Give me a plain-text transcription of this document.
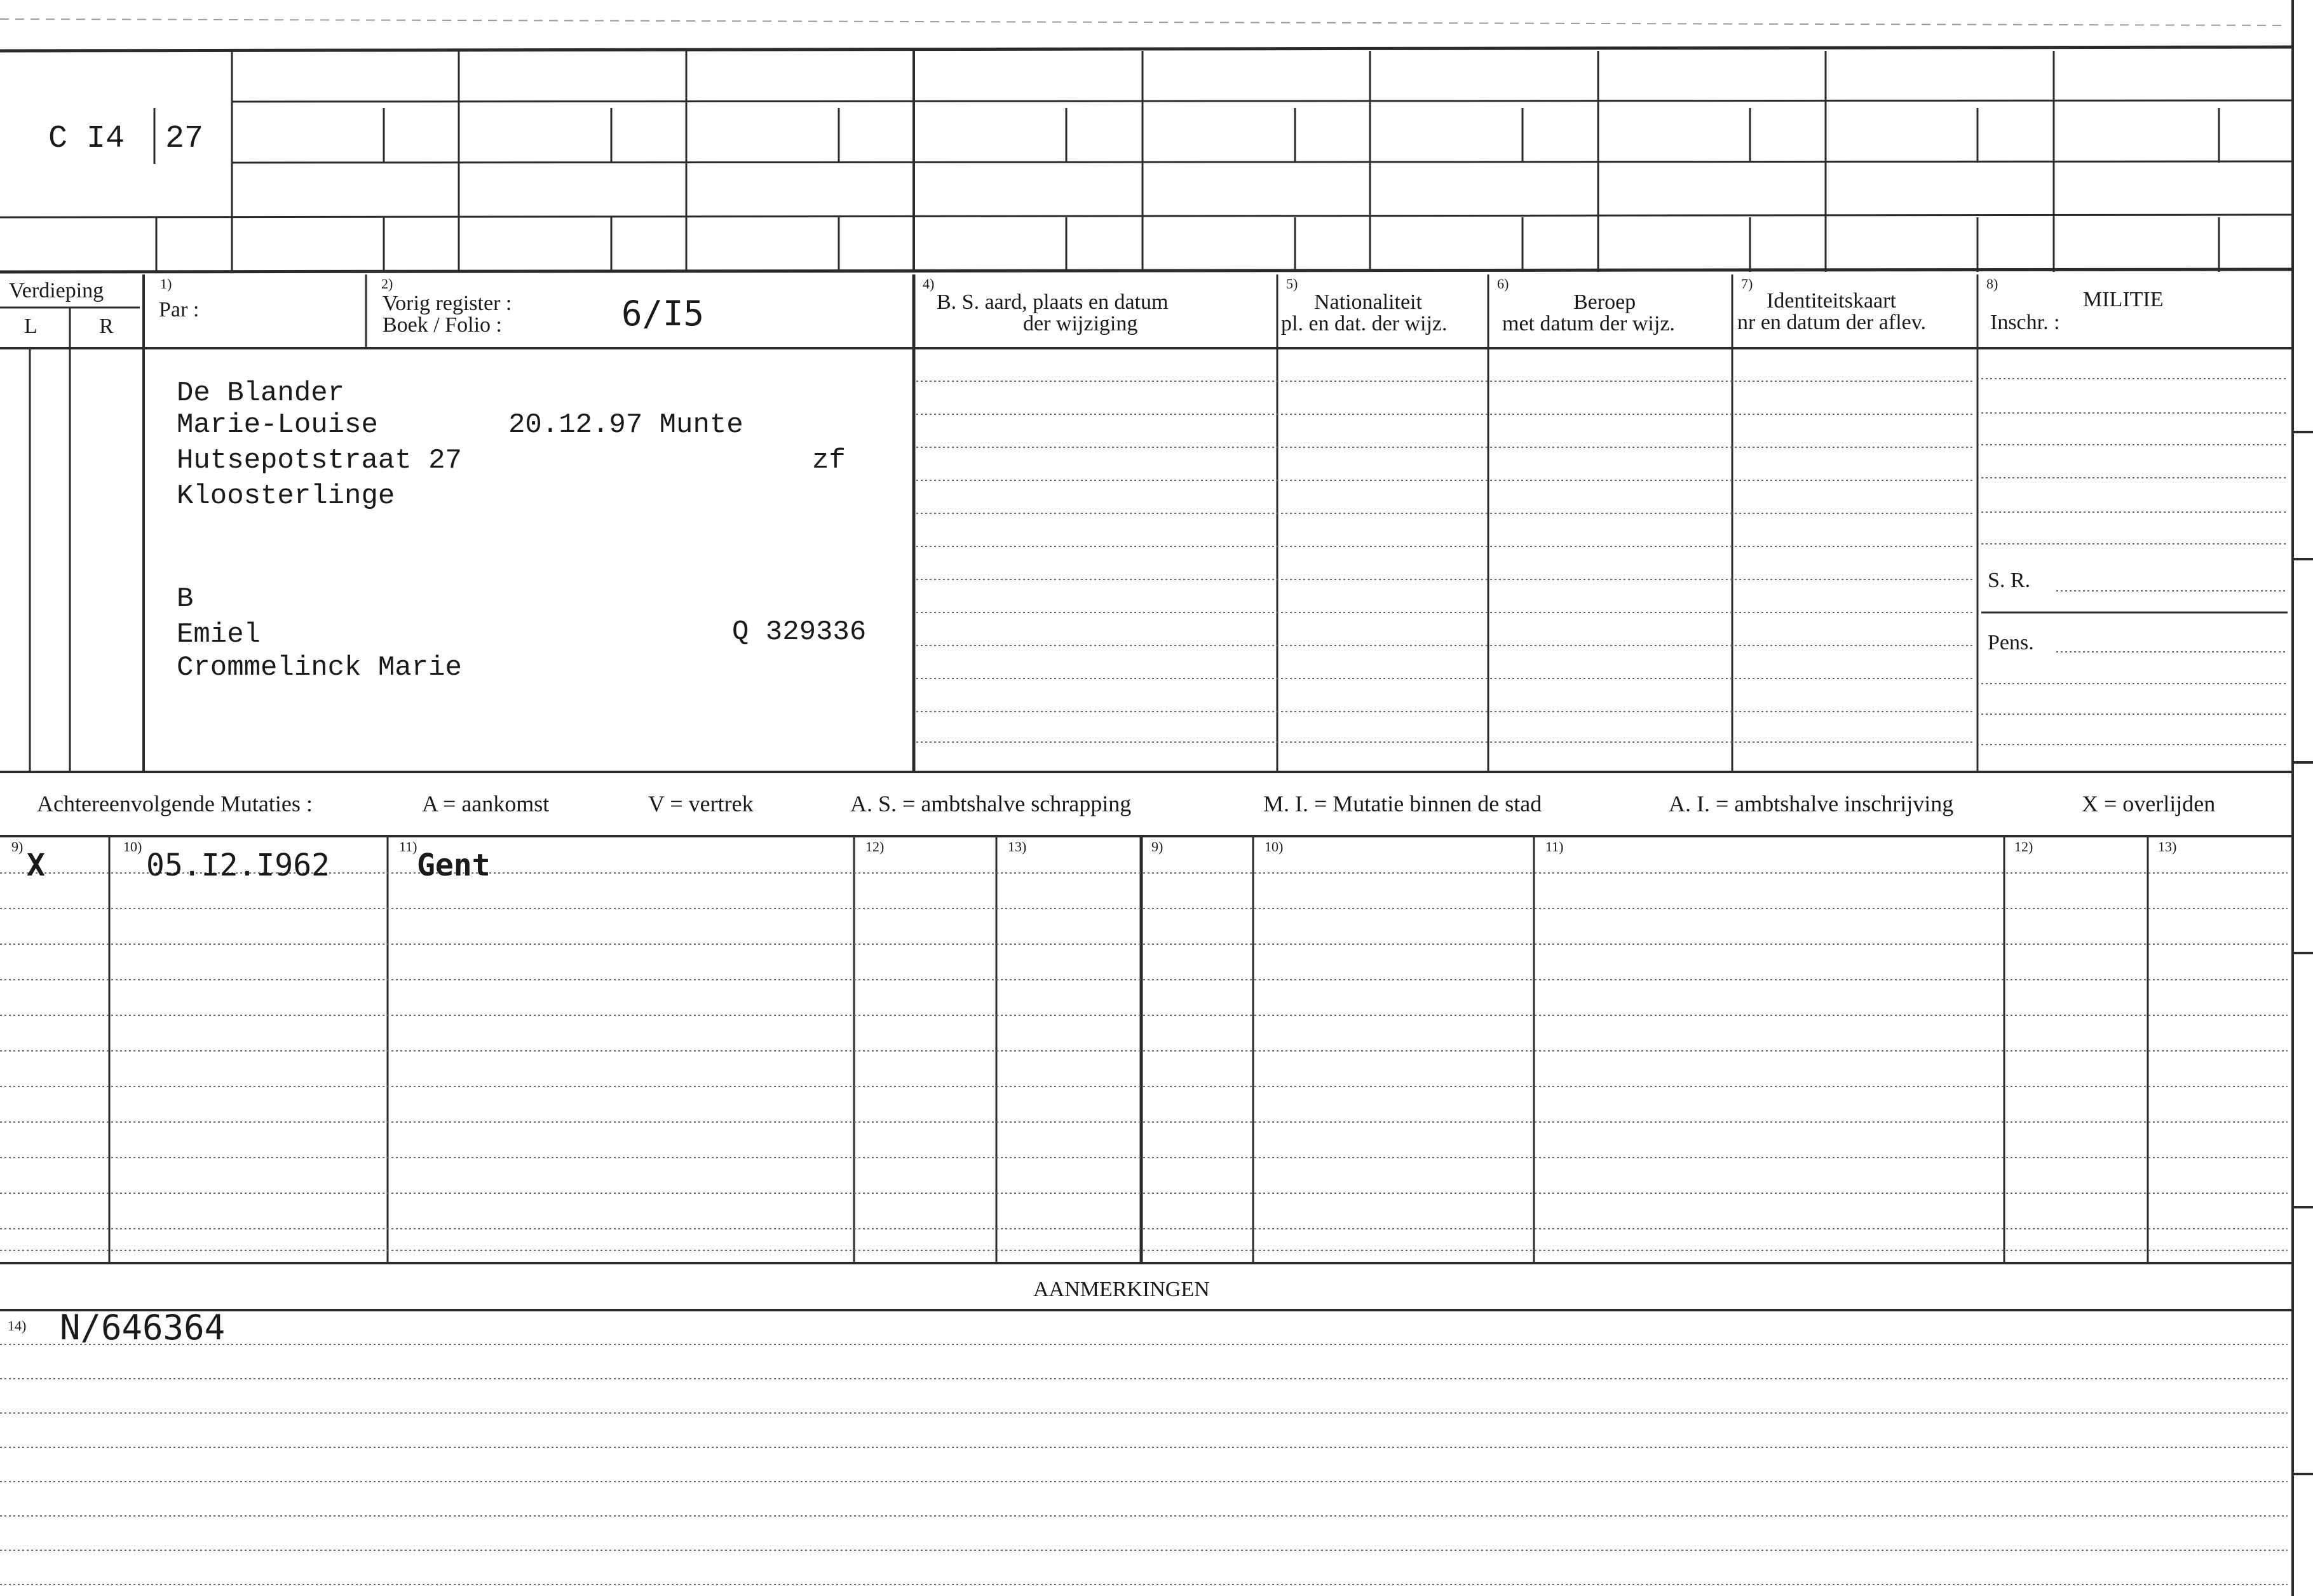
C I4 27
Verdieping
L	R
1)
Par :
2)
Vorig register :
Boek / Folio :	6/I5
4)
B. S. aard, plaats en datum
der wijziging
5)
Nationaliteit
pl. en dat. der wijz.
6)
Beroep
met datum der wijz.
7)
Identiteitskaart
nr en datum der aflev.
8)
MILITIE
Inschr. :
S. R.
Pens.
De Blander
Marie-Louise	20.12.97 Munte
Hutsepotstraat 27	zf
Kloosterlinge
B
Emiel	Q 329336
Crommelinck Marie
Achtereenvolgende Mutaties :	A = aankomst	V = vertrek	A. S. = ambtshalve schrapping	M. I. = Mutatie binnen de stad	A. I. = ambtshalve inschrijving	X = overlijden
9)	10)	11)	12)	13)	9)	10)	11)	12)	13)
X	05.I2.I962	Gent
AANMERKINGEN
14) N/646364
